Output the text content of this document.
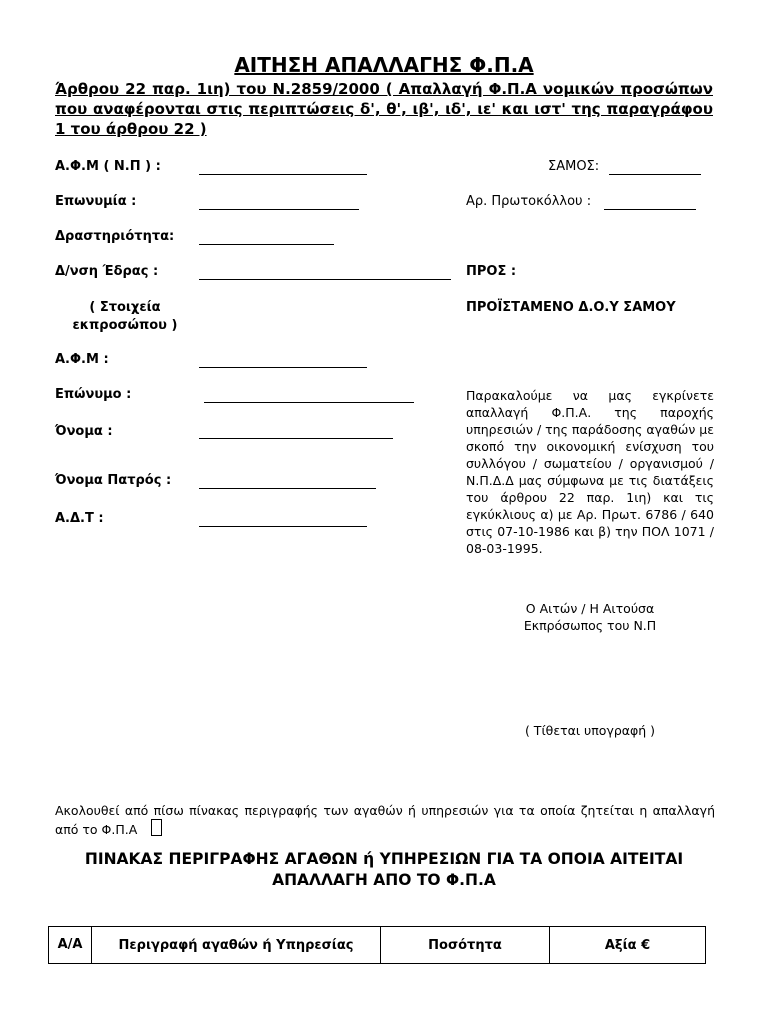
ΑΙΤΗΣΗ ΑΠΑΛΛΑΓΗΣ Φ.Π.Α
Άρθρου 22 παρ. 1ιη) του Ν.2859/2000 ( Απαλλαγή Φ.Π.Α νομικών προσώπων που αναφέρονται στις περιπτώσεις δ', θ', ιβ', ιδ', ιε' και ιστ' της παραγράφου 1 του άρθρου 22 )
Α.Φ.Μ ( Ν.Π ) :
Επωνυμία :
Δραστηριότητα:
Δ/νση Έδρας :
( Στοιχεία εκπροσώπου )
Α.Φ.Μ :
Επώνυμο :
Όνομα :
Όνομα Πατρός :
Α.Δ.Τ :
ΣΑΜΟΣ:
Αρ. Πρωτοκόλλου :
ΠΡΟΣ :
ΠΡΟΪΣΤΑΜΕΝΟ Δ.Ο.Υ ΣΑΜΟΥ
Παρακαλούμε να μας εγκρίνετε απαλλαγή Φ.Π.Α. της παροχής υπηρεσιών / της παράδοσης αγαθών με σκοπό την οικονομική ενίσχυση του συλλόγου / σωματείου / οργανισμού / Ν.Π.Δ.Δ μας σύμφωνα με τις διατάξεις του άρθρου 22 παρ. 1ιη) και τις εγκύκλιους α) με Αρ. Πρωτ. 6786 / 640 στις 07-10-1986 και β) την ΠΟΛ 1071 / 08-03-1995.
Ο Αιτών / Η Αιτούσα
Εκπρόσωπος του Ν.Π
( Τίθεται υπογραφή )
Ακολουθεί από πίσω πίνακας περιγραφής των αγαθών ή υπηρεσιών για τα οποία ζητείται η απαλλαγή από το Φ.Π.Α
ΠΙΝΑΚΑΣ ΠΕΡΙΓΡΑΦΗΣ ΑΓΑΘΩΝ ή ΥΠΗΡΕΣΙΩΝ ΓΙΑ ΤΑ ΟΠΟΙΑ ΑΙΤΕΙΤΑΙ ΑΠΑΛΛΑΓΗ ΑΠΟ ΤΟ Φ.Π.Α
Α/Α	Περιγραφή αγαθών ή Υπηρεσίας	Ποσότητα	Αξία €
